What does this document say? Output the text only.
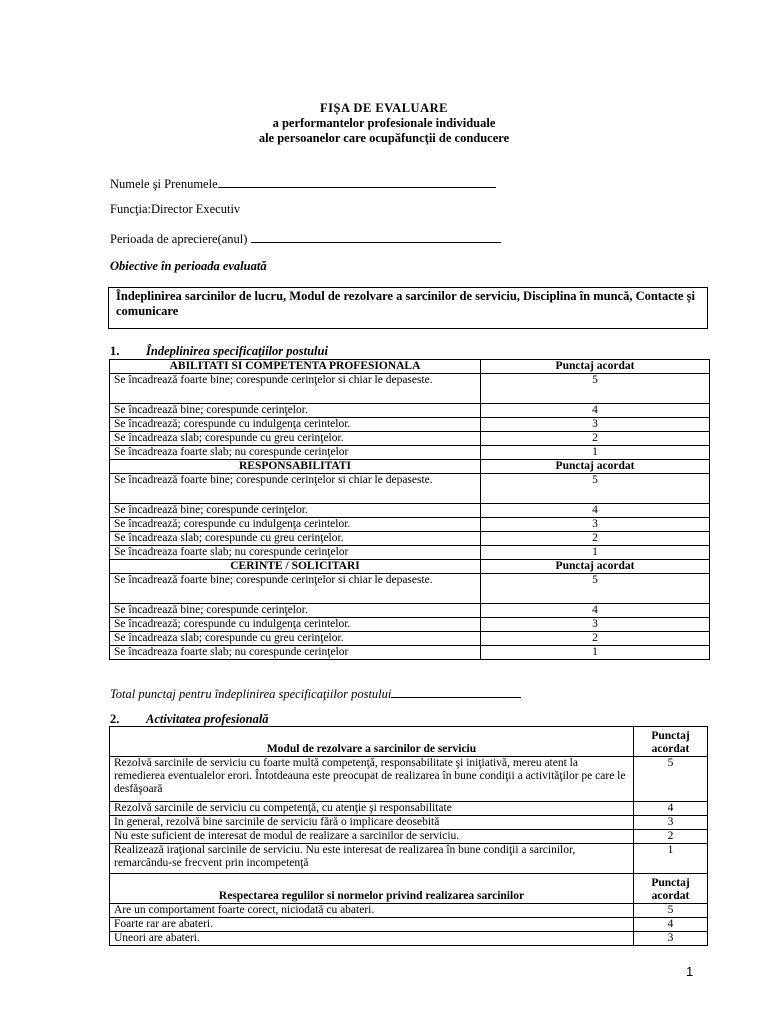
FIȘA DE EVALUARE
a performantelor profesionale individuale
ale persoanelor care ocupăfuncţii de conducere
Numele şi Prenumele
Funcţia:Director Executiv
Perioada de apreciere(anul)
Obiective în perioada evaluată
Îndeplinirea sarcinilor de lucru, Modul de rezolvare a sarcinilor de serviciu, Disciplina în muncă, Contacte și comunicare
1. Îndeplinirea specificaţiilor postului
ABILITATI SI COMPETENTA PROFESIONALA	Punctaj acordat
Se încadrează foarte bine; corespunde cerinţelor si chiar le depaseste.	5
Se încadrează bine; corespunde cerinţelor.	4
Se încadrează; corespunde cu indulgenţa cerintelor.	3
Se încadreaza slab; corespunde cu greu cerinţelor.	2
Se încadreaza foarte slab; nu corespunde cerinţelor	1
RESPONSABILITATI	Punctaj acordat
Se încadrează foarte bine; corespunde cerinţelor si chiar le depaseste.	5
Se încadrează bine; corespunde cerinţelor.	4
Se încadrează; corespunde cu indulgenţa cerintelor.	3
Se încadreaza slab; corespunde cu greu cerinţelor.	2
Se încadreaza foarte slab; nu corespunde cerinţelor	1
CERINTE / SOLICITARI	Punctaj acordat
Se încadrează foarte bine; corespunde cerinţelor si chiar le depaseste.	5
Se încadrează bine; corespunde cerinţelor.	4
Se încadrează; corespunde cu indulgenţa cerintelor.	3
Se încadreaza slab; corespunde cu greu cerinţelor.	2
Se încadreaza foarte slab; nu corespunde cerinţelor	1
Total punctaj pentru îndeplinirea specificaţiilor postului
2. Activitatea profesională
Modul de rezolvare a sarcinilor de serviciu	Punctaj acordat
Rezolvă sarcinile de serviciu cu foarte multă competenţă, responsabilitate şi iniţiativă, mereu atent la remedierea eventualelor erori. Întotdeauna este preocupat de realizarea în bune condiţii a activităţilor pe care le desfăşoară	5
Rezolvă sarcinile de serviciu cu competenţă, cu atenţie şi responsabilitate	4
In general, rezolvă bine sarcinile de serviciu fără o implicare deosebită	3
Nu este suficient de interesat de modul de realizare a sarcinilor de serviciu.	2
Realizează iraţional sarcinile de serviciu. Nu este interesat de realizarea în bune condiţii a sarcinilor, remarcându-se frecvent prin incompetenţă	1
Respectarea regulilor si normelor privind realizarea sarcinilor	Punctaj acordat
Are un comportament foarte corect, niciodată cu abateri.	5
Foarte rar are abateri.	4
Uneori are abateri.	3
1
